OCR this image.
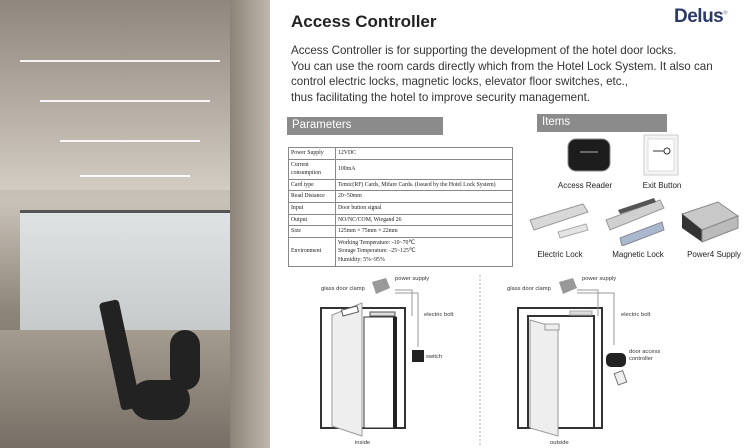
Delus®
Access Controller
Access Controller is for supporting the development of the hotel door locks.
You can use the room cards directly which from the Hotel Lock System. It also can
control electric locks, magnetic locks, elevator floor switches, etc.,
thus facilitating the hotel to improve security management.
Parameters
Power Supply	12VDC

Current consumption	100mA

Card type	Temic(RF) Cards, Mifare Cards. (Issued by the Hotel Lock System)

Read Distance	20~50mm

Input	Door button signal

Output	NO/NC/COM, Wiegand 26

Size	125mm × 75mm × 22mm

Environment	Working Temperature: -10~70℃
Storage Temperature: -25~125℃
Humidity: 5%~95%
Items
Access Reader	Exit Button
Electric Lock	Magnetic Lock	Power4 Supply
power supply
glass door clamp
electric bolt
switch
inside
power supply
glass door clamp
electric bolt
door access controller
outside
